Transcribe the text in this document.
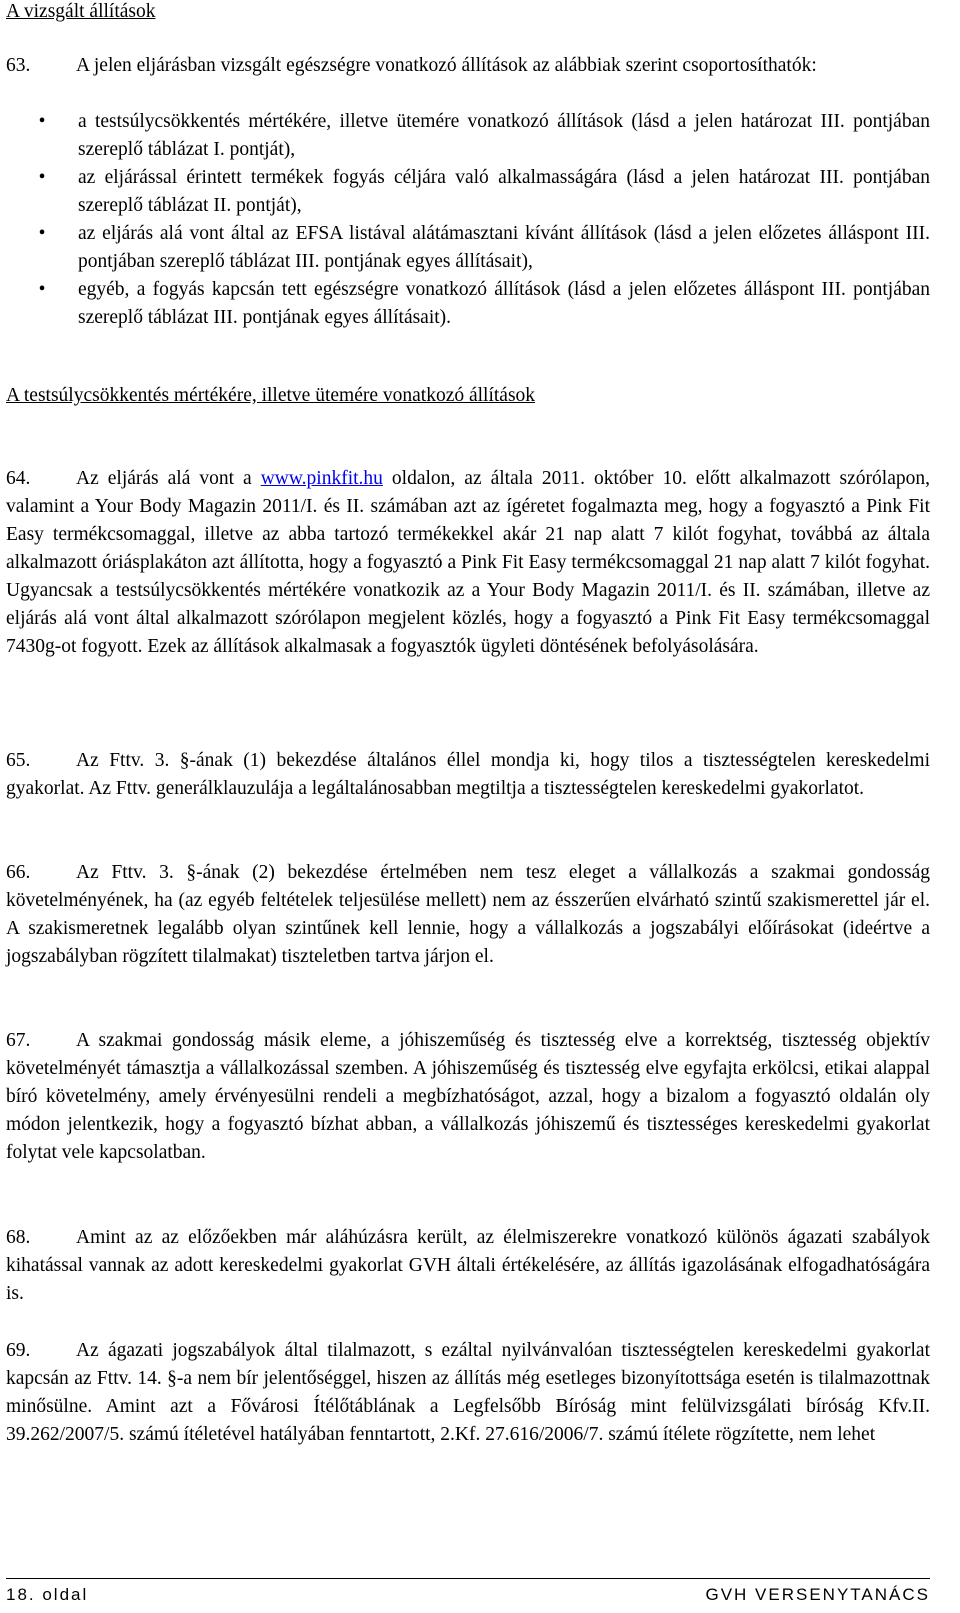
A vizsgált állítások

63. A jelen eljárásban vizsgált egészségre vonatkozó állítások az alábbiak szerint csoportosíthatók:

•	a testsúlycsökkentés mértékére, illetve ütemére vonatkozó állítások (lásd a jelen határozat III. pontjában szereplő táblázat I. pontját),
•	az eljárással érintett termékek fogyás céljára való alkalmasságára (lásd a jelen határozat III. pontjában szereplő táblázat II. pontját),
•	az eljárás alá vont által az EFSA listával alátámasztani kívánt állítások (lásd a jelen előzetes álláspont III. pontjában szereplő táblázat III. pontjának egyes állításait),
•	egyéb, a fogyás kapcsán tett egészségre vonatkozó állítások (lásd a jelen előzetes álláspont III. pontjában szereplő táblázat III. pontjának egyes állításait).

A testsúlycsökkentés mértékére, illetve ütemére vonatkozó állítások

64. Az eljárás alá vont a www.pinkfit.hu oldalon, az általa 2011. október 10. előtt alkalmazott szórólapon, valamint a Your Body Magazin 2011/I. és II. számában azt az ígéretet fogalmazta meg, hogy a fogyasztó a Pink Fit Easy termékcsomaggal, illetve az abba tartozó termékekkel akár 21 nap alatt 7 kilót fogyhat, továbbá az általa alkalmazott óriásplakáton azt állította, hogy a fogyasztó a Pink Fit Easy termékcsomaggal 21 nap alatt 7 kilót fogyhat. Ugyancsak a testsúlycsökkentés mértékére vonatkozik az a Your Body Magazin 2011/I. és II. számában, illetve az eljárás alá vont által alkalmazott szórólapon megjelent közlés, hogy a fogyasztó a Pink Fit Easy termékcsomaggal 7430g-ot fogyott. Ezek az állítások alkalmasak a fogyasztók ügyleti döntésének befolyásolására.

65. Az Fttv. 3. §-ának (1) bekezdése általános éllel mondja ki, hogy tilos a tisztességtelen kereskedelmi gyakorlat. Az Fttv. generálklauzulája a legáltalánosabban megtiltja a tisztességtelen kereskedelmi gyakorlatot.

66. Az Fttv. 3. §-ának (2) bekezdése értelmében nem tesz eleget a vállalkozás a szakmai gondosság követelményének, ha (az egyéb feltételek teljesülése mellett) nem az ésszerűen elvárható szintű szakismerettel jár el. A szakismeretnek legalább olyan szintűnek kell lennie, hogy a vállalkozás a jogszabályi előírásokat (ideértve a jogszabályban rögzített tilalmakat) tiszteletben tartva járjon el.

67. A szakmai gondosság másik eleme, a jóhiszeműség és tisztesség elve a korrektség, tisztesség objektív követelményét támasztja a vállalkozással szemben. A jóhiszeműség és tisztesség elve egyfajta erkölcsi, etikai alappal bíró követelmény, amely érvényesülni rendeli a megbízhatóságot, azzal, hogy a bizalom a fogyasztó oldalán oly módon jelentkezik, hogy a fogyasztó bízhat abban, a vállalkozás jóhiszemű és tisztességes kereskedelmi gyakorlat folytat vele kapcsolatban.

68. Amint az az előzőekben már aláhúzásra került, az élelmiszerekre vonatkozó különös ágazati szabályok kihatással vannak az adott kereskedelmi gyakorlat GVH általi értékelésére, az állítás igazolásának elfogadhatóságára is.

69. Az ágazati jogszabályok által tilalmazott, s ezáltal nyilvánvalóan tisztességtelen kereskedelmi gyakorlat kapcsán az Fttv. 14. §-a nem bír jelentőséggel, hiszen az állítás még esetleges bizonyítottsága esetén is tilalmazottnak minősülne. Amint azt a Fővárosi Ítélőtáblának a Legfelsőbb Bíróság mint felülvizsgálati bíróság Kfv.II. 39.262/2007/5. számú ítéletével hatályában fenntartott, 2.Kf. 27.616/2006/7. számú ítélete rögzítette, nem lehet

18. oldal	GVH VERSENYTANÁCS
